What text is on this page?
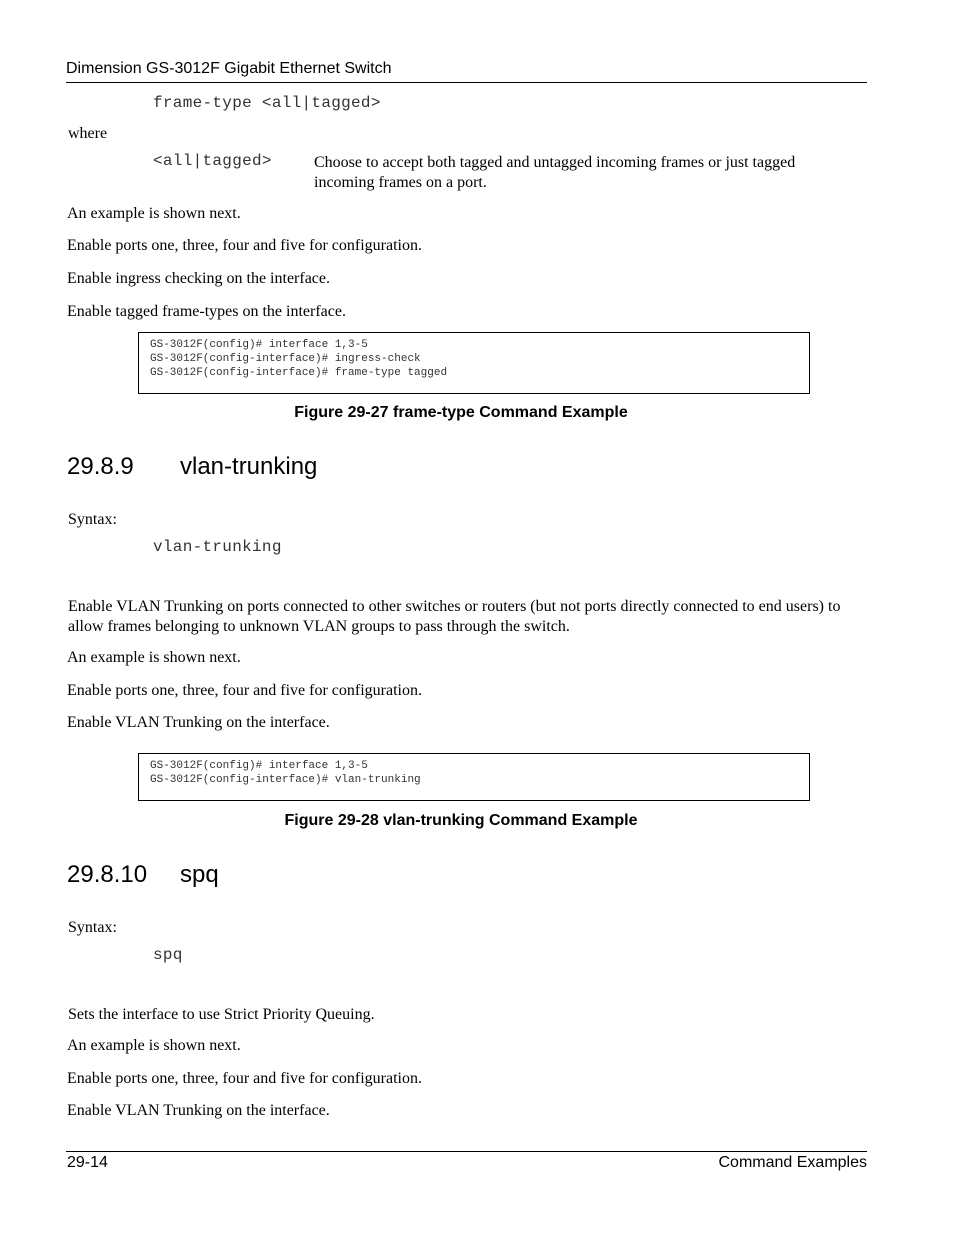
Dimension GS-3012F Gigabit Ethernet Switch
frame-type <all|tagged>
where
<all|tagged>	Choose to accept both tagged and untagged incoming frames or just tagged incoming frames on a port.
An example is shown next.
Enable ports one, three, four and five for configuration.
Enable ingress checking on the interface.
Enable tagged frame-types on the interface.
GS-3012F(config)# interface 1,3-5
GS-3012F(config-interface)# ingress-check
GS-3012F(config-interface)# frame-type tagged
Figure 29-27 frame-type Command Example
29.8.9 vlan-trunking
Syntax:
vlan-trunking
Enable VLAN Trunking on ports connected to other switches or routers (but not ports directly connected to end users) to allow frames belonging to unknown VLAN groups to pass through the switch.
An example is shown next.
Enable ports one, three, four and five for configuration.
Enable VLAN Trunking on the interface.
GS-3012F(config)# interface 1,3-5
GS-3012F(config-interface)# vlan-trunking
Figure 29-28 vlan-trunking Command Example
29.8.10 spq
Syntax:
spq
Sets the interface to use Strict Priority Queuing.
An example is shown next.
Enable ports one, three, four and five for configuration.
Enable VLAN Trunking on the interface.
29-14	Command Examples
